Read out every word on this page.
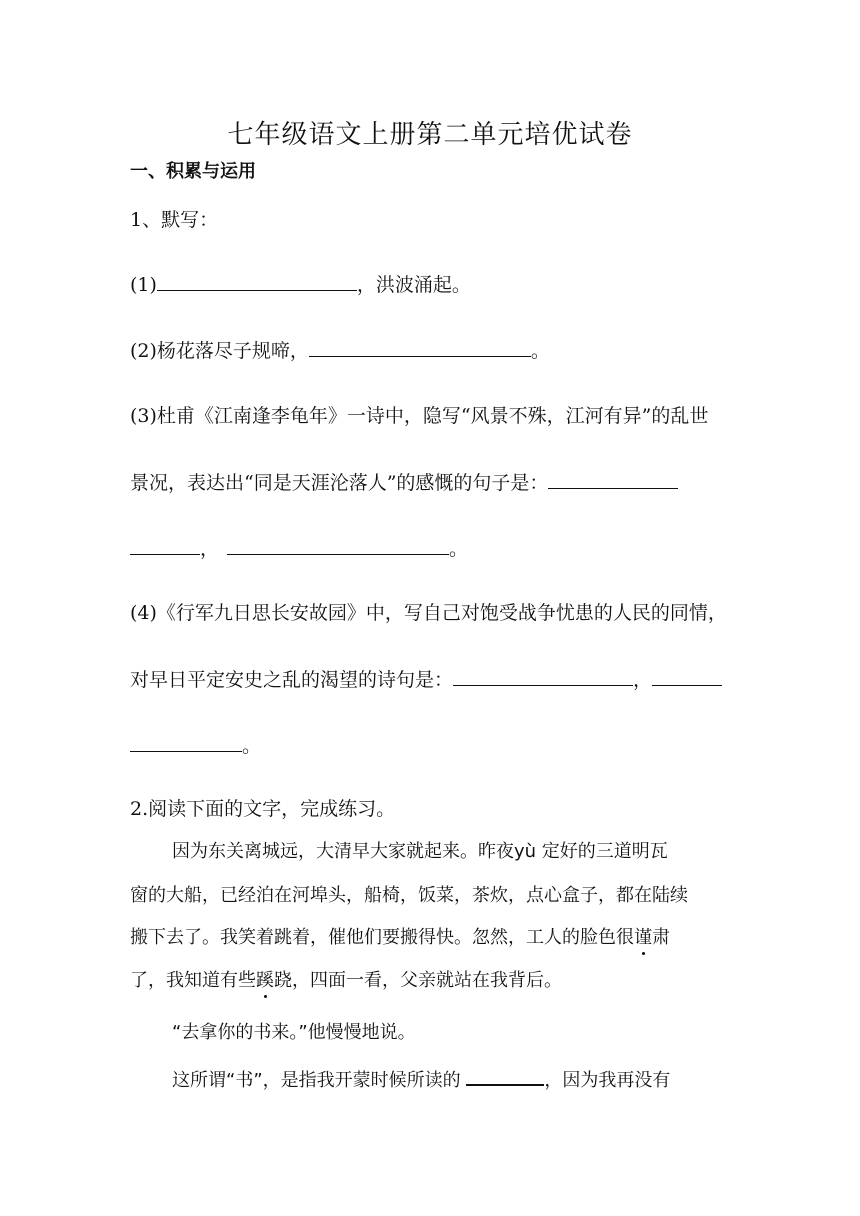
七年级语文上册第二单元培优试卷
一、积累与运用
1、默写：
(1)	，洪波涌起。
(2)杨花落尽子规啼，	。
(3)杜甫《江南逢李龟年》一诗中，隐写“风景不殊，江河有异”的乱世
景况，表达出“同是天涯沦落人”的感慨的句子是：
，	。
(4)《行军九日思长安故园》中，写自己对饱受战争忧患的人民的同情，
对早日平定安史之乱的渴望的诗句是：	，
。
2.阅读下面的文字，完成练习。
因为东关离城远，大清早大家就起来。昨夜yù 定好的三道明瓦
窗的大船，已经泊在河埠头，船椅，饭菜，茶炊，点心盒子，都在陆续
搬下去了。我笑着跳着，催他们要搬得快。忽然，工人的脸色很谨肃
了，我知道有些蹊跷，四面一看，父亲就站在我背后。
“去拿你的书来。”他慢慢地说。
这所谓“书”，是指我开蒙时候所读的	，因为我再没有
